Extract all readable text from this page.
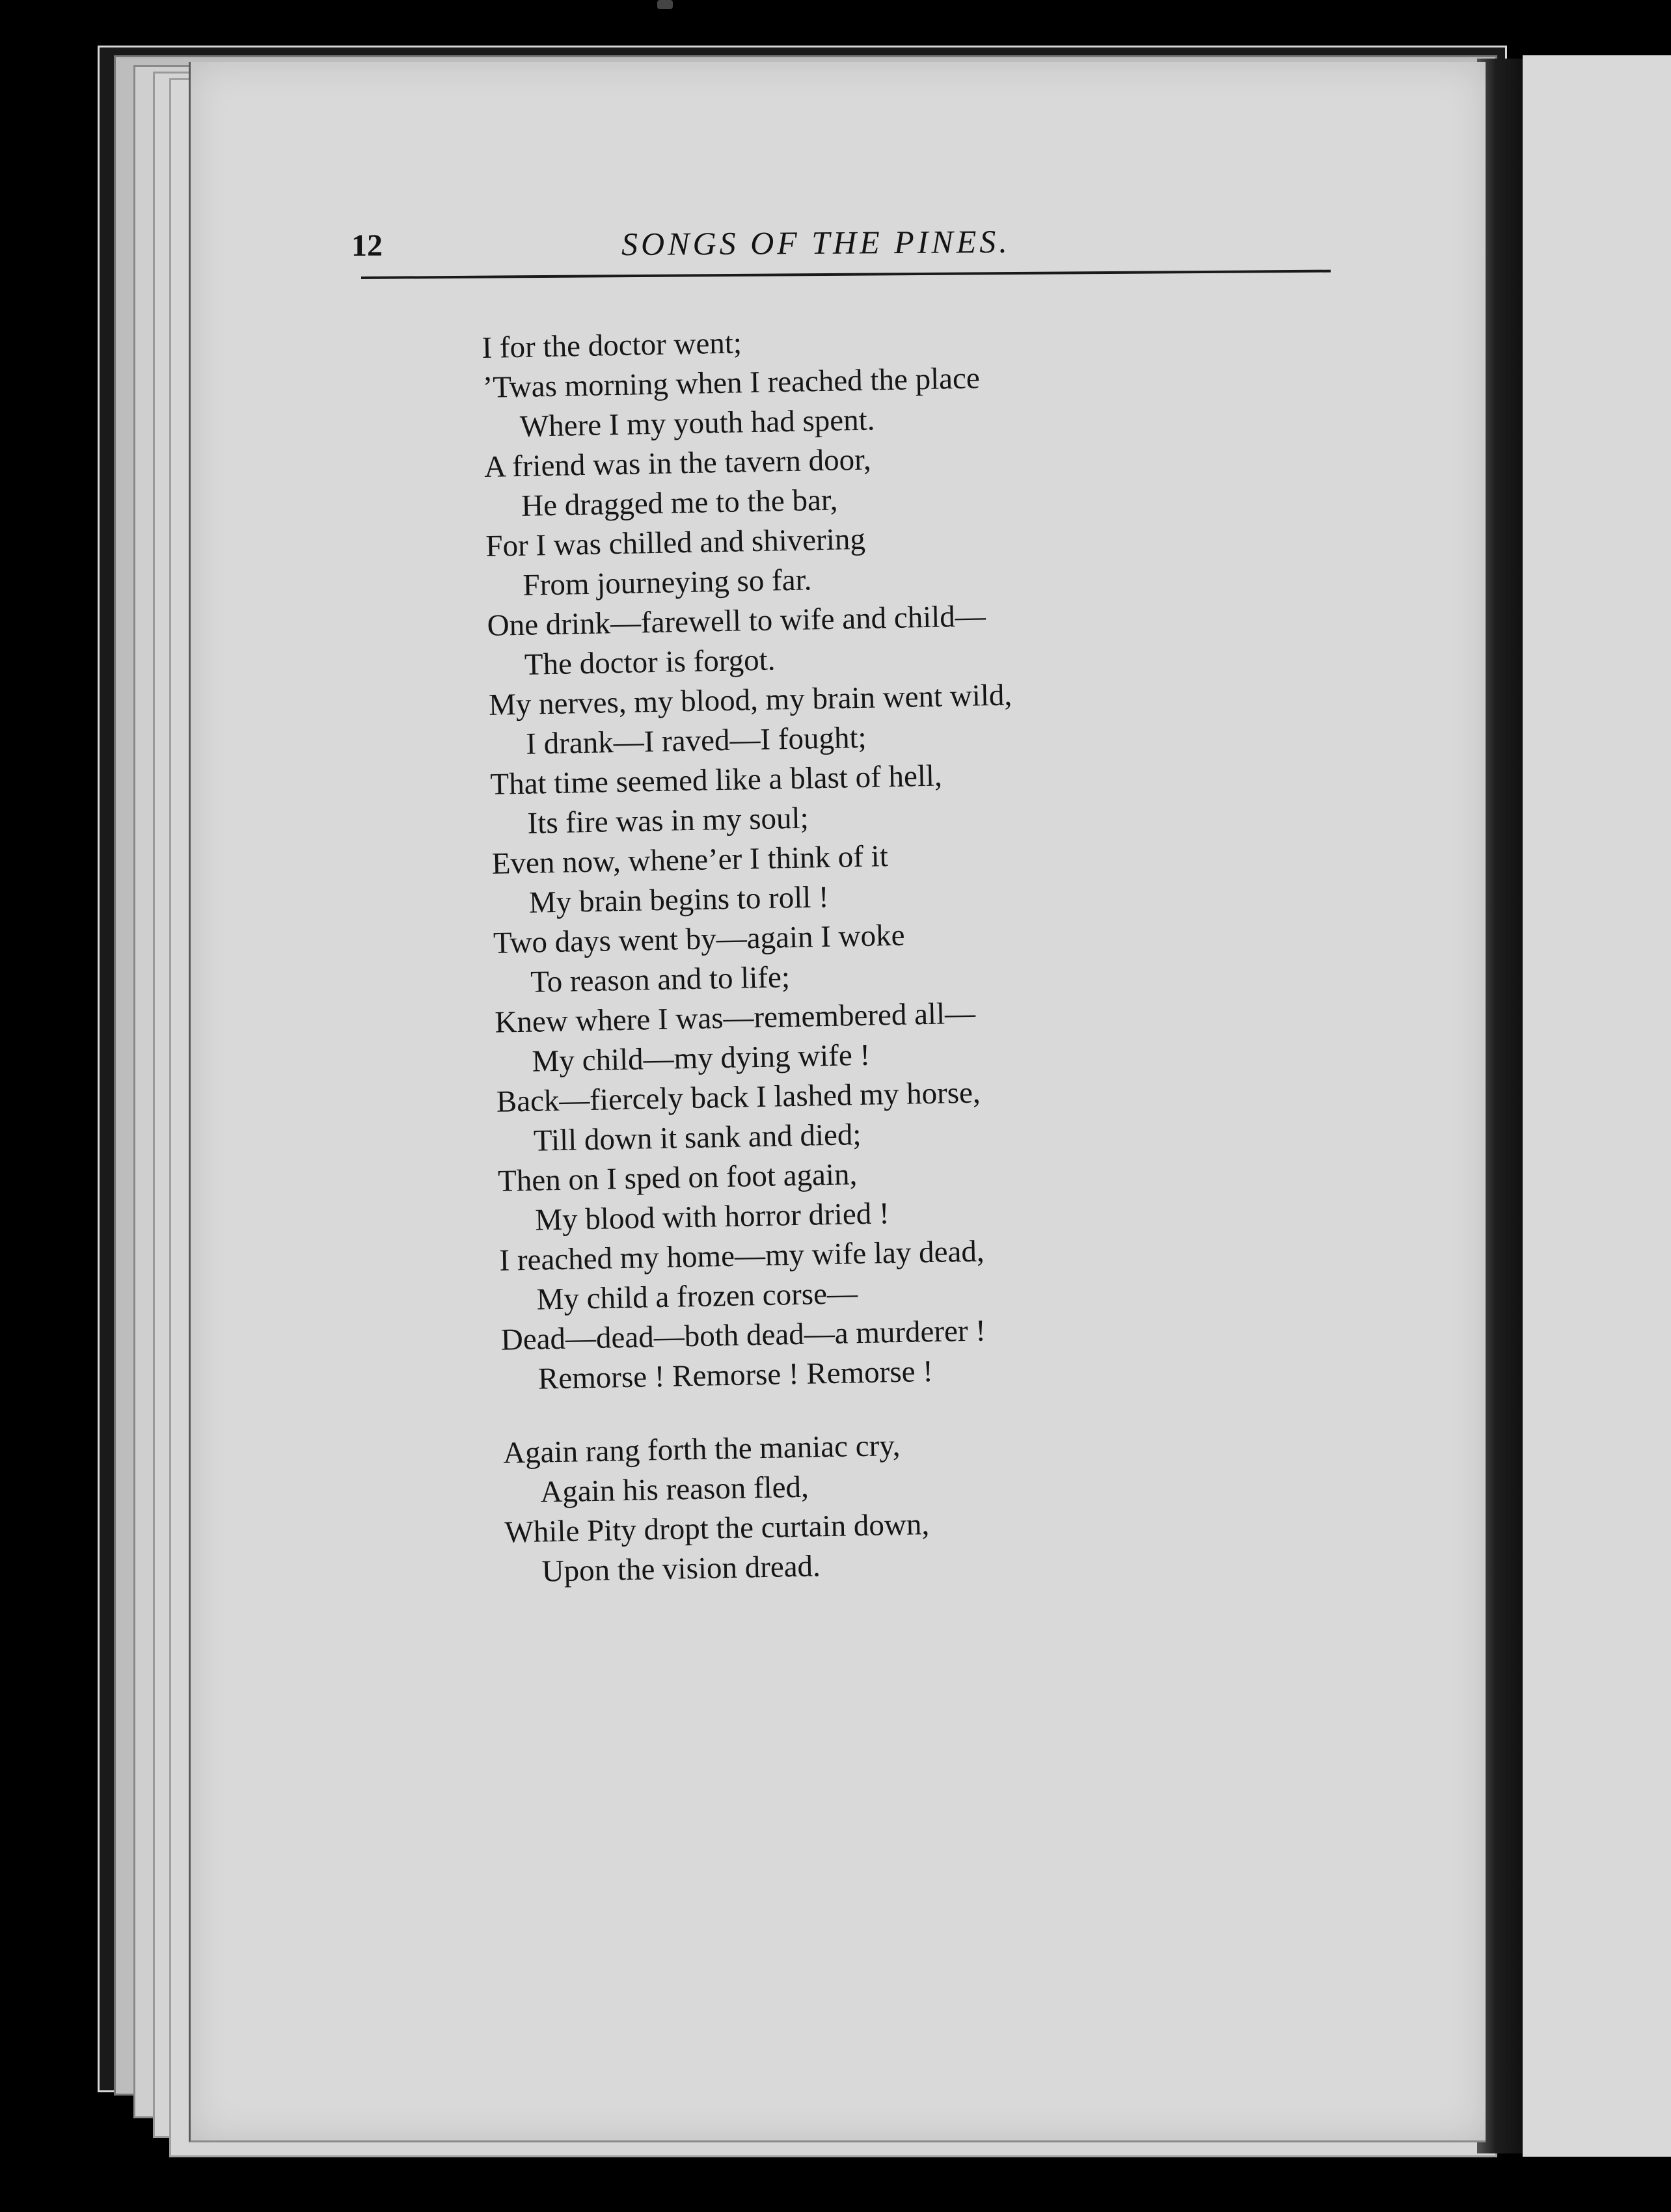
12	SONGS OF THE PINES.
I for the doctor went;
’Twas morning when I reached the place
Where I my youth had spent.
A friend was in the tavern door,
He dragged me to the bar,
For I was chilled and shivering
From journeying so far.
One drink—farewell to wife and child—
The doctor is forgot.
My nerves, my blood, my brain went wild,
I drank—I raved—I fought;
That time seemed like a blast of hell,
Its fire was in my soul;
Even now, whene’er I think of it
My brain begins to roll !
Two days went by—again I woke
To reason and to life;
Knew where I was—remembered all—
My child—my dying wife !
Back—fiercely back I lashed my horse,
Till down it sank and died;
Then on I sped on foot again,
My blood with horror dried !
I reached my home—my wife lay dead,
My child a frozen corse—
Dead—dead—both dead—a murderer !
Remorse ! Remorse ! Remorse !
Again rang forth the maniac cry,
Again his reason fled,
While Pity dropt the curtain down,
Upon the vision dread.
